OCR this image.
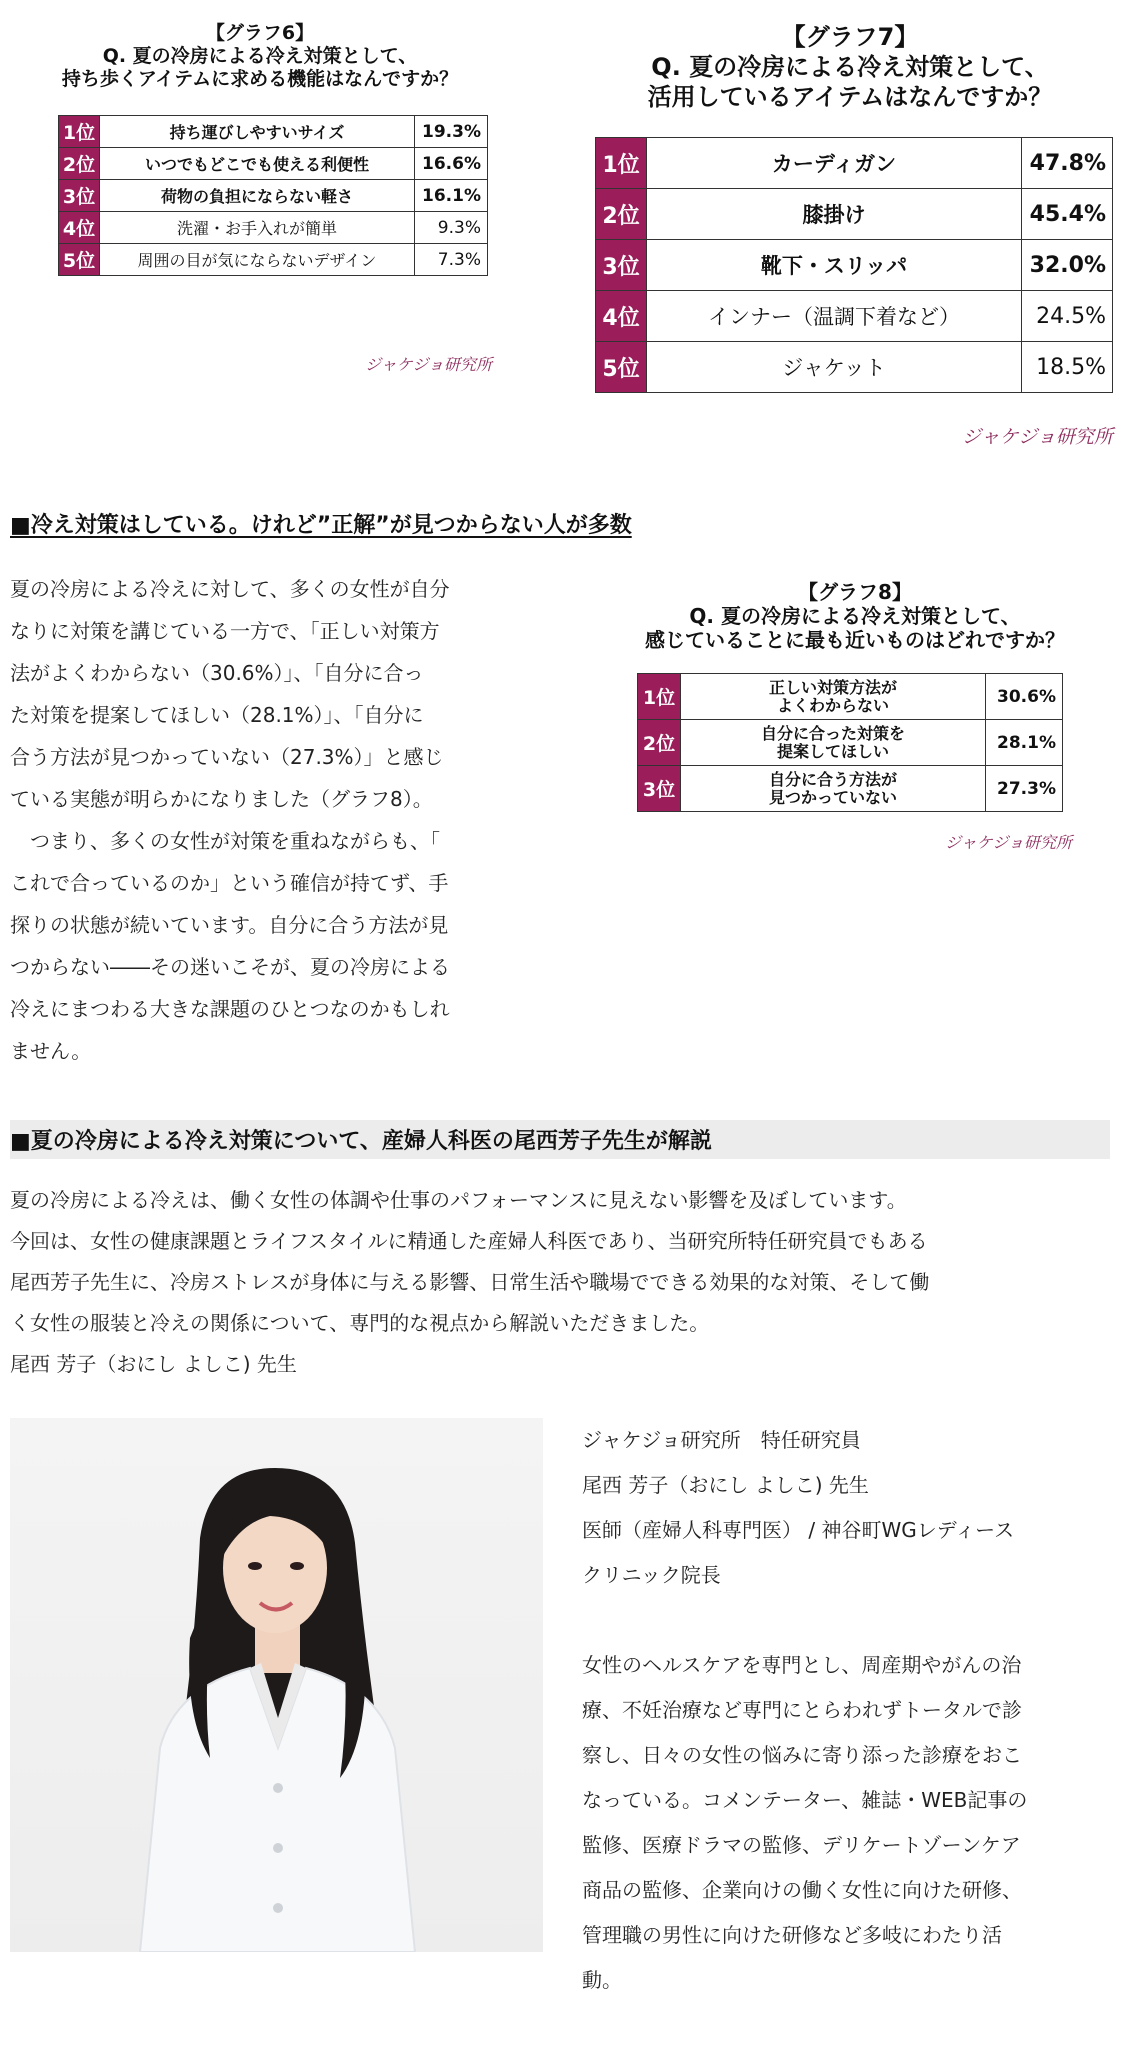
【グラフ6】
Q. 夏の冷房による冷え対策として、
持ち歩くアイテムに求める機能はなんですか？
1位	持ち運びしやすいサイズ	19.3%
2位	いつでもどこでも使える利便性	16.6%
3位	荷物の負担にならない軽さ	16.1%
4位	洗濯・お手入れが簡単	9.3%
5位	周囲の目が気にならないデザイン	7.3%
ジャケジョ研究所
【グラフ7】
Q. 夏の冷房による冷え対策として、
活用しているアイテムはなんですか？
1位	カーディガン	47.8%
2位	膝掛け	45.4%
3位	靴下・スリッパ	32.0%
4位	インナー（温調下着など）	24.5%
5位	ジャケット	18.5%
ジャケジョ研究所
■冷え対策はしている。けれど”正解”が見つからない人が多数
夏の冷房による冷えに対して、多くの女性が自分
なりに対策を講じている一方で、「正しい対策方
法がよくわからない（30.6%）」、「自分に合っ
た対策を提案してほしい（28.1%）」、「自分に
合う方法が見つかっていない（27.3%）」と感じ
ている実態が明らかになりました（グラフ8）。
つまり、多くの女性が対策を重ねながらも、「
これで合っているのか」という確信が持てず、手
探りの状態が続いています。自分に合う方法が見
つからない――その迷いこそが、夏の冷房による
冷えにまつわる大きな課題のひとつなのかもしれ
ません。
【グラフ8】
Q. 夏の冷房による冷え対策として、
感じていることに最も近いものはどれですか？
1位	正しい対策方法が
よくわからない	30.6%
2位	自分に合った対策を
提案してほしい	28.1%
3位	自分に合う方法が
見つかっていない	27.3%
ジャケジョ研究所
■夏の冷房による冷え対策について、産婦人科医の尾西芳子先生が解説
夏の冷房による冷えは、働く女性の体調や仕事のパフォーマンスに見えない影響を及ぼしています。
今回は、女性の健康課題とライフスタイルに精通した産婦人科医であり、当研究所特任研究員でもある
尾西芳子先生に、冷房ストレスが身体に与える影響、日常生活や職場でできる効果的な対策、そして働
く女性の服装と冷えの関係について、専門的な視点から解説いただきました。
尾西 芳子（おにし よしこ) 先生
ジャケジョ研究所　特任研究員
尾西 芳子（おにし よしこ) 先生
医師（産婦人科専門医） / 神谷町WGレディース
クリニック院長
女性のヘルスケアを専門とし、周産期やがんの治
療、不妊治療など専門にとらわれずトータルで診
察し、日々の女性の悩みに寄り添った診療をおこ
なっている。コメンテーター、雑誌・WEB記事の
監修、医療ドラマの監修、デリケートゾーンケア
商品の監修、企業向けの働く女性に向けた研修、
管理職の男性に向けた研修など多岐にわたり活
動。
